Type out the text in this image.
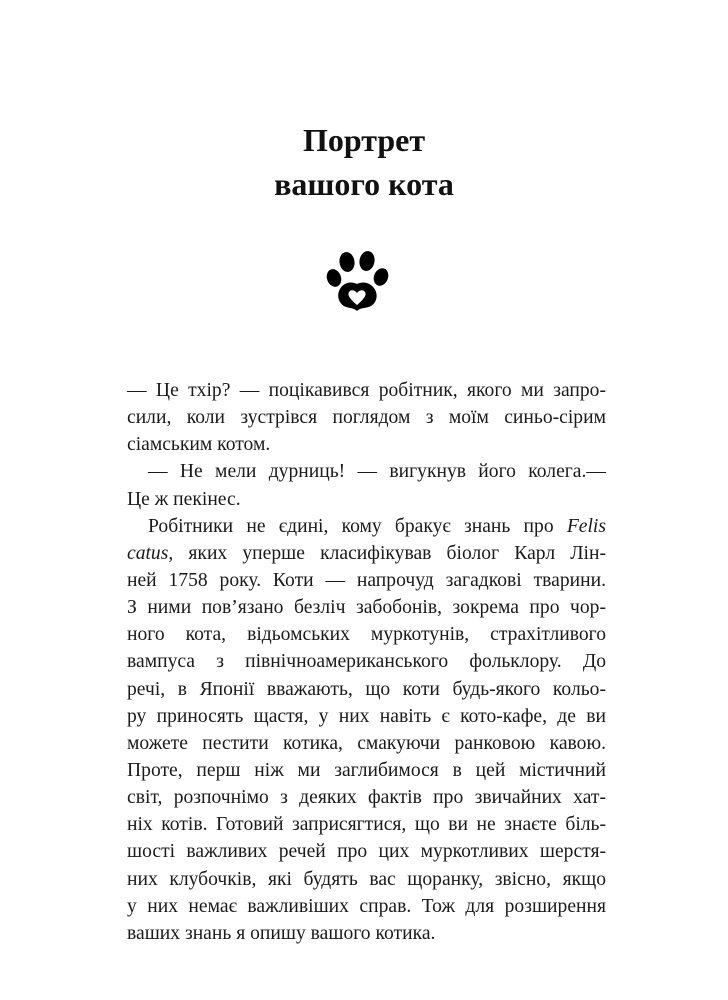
Портрет
вашого кота
— Це тхір? — поцікавився робітник, якого ми запро-
сили, коли зустрівся поглядом з моїм синьо-сірим
сіамським котом.
— Не мели дурниць! — вигукнув його колега.—
Це ж пекінес.
Робітники не єдині, кому бракує знань про Felis
catus, яких уперше класифікував біолог Карл Лін-
ней 1758 року. Коти — напрочуд загадкові тварини.
З ними пов’язано безліч забобонів, зокрема про чор-
ного кота, відьомських муркотунів, страхітливого
вампуса з північноамериканського фольклору. До
речі, в Японії вважають, що коти будь-якого кольо-
ру приносять щастя, у них навіть є кото-кафе, де ви
можете пестити котика, смакуючи ранковою кавою.
Проте, перш ніж ми заглибимося в цей містичний
світ, розпочнімо з деяких фактів про звичайних хат-
ніх котів. Готовий заприсягтися, що ви не знаєте біль-
шості важливих речей про цих муркотливих шерстя-
них клубочків, які будять вас щоранку, звісно, якщо
у них немає важливіших справ. Тож для розширення
ваших знань я опишу вашого котика.
